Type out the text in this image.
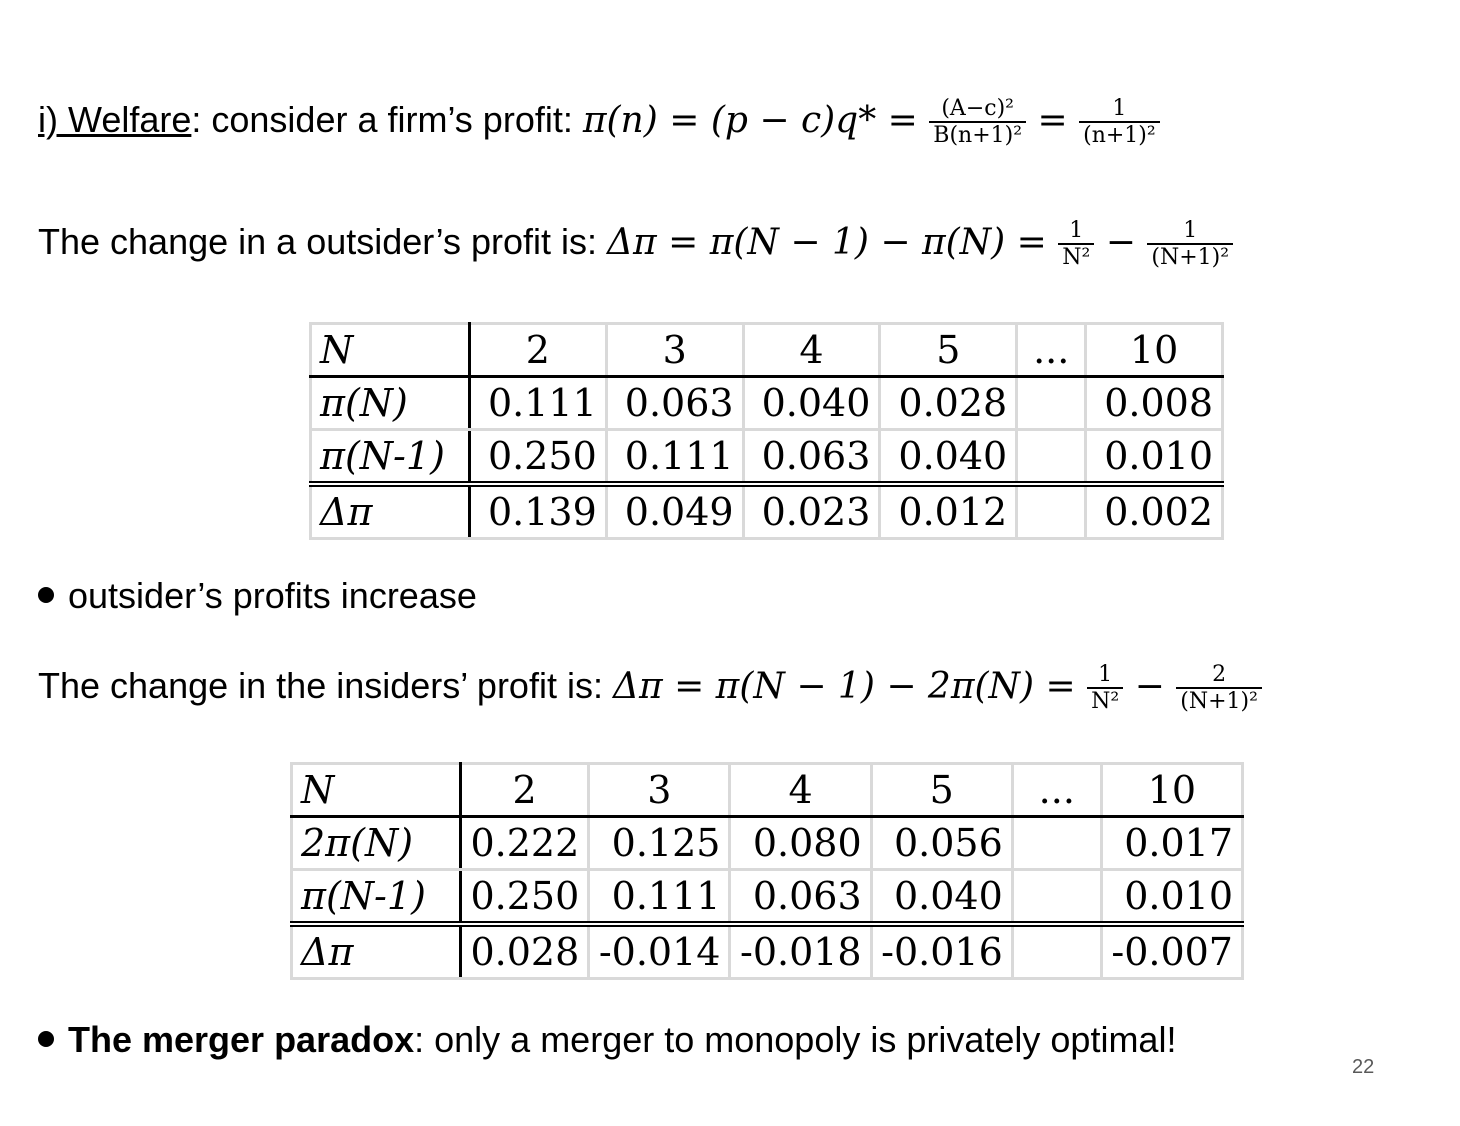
i) Welfare: consider a firm’s profit: $\pi(n) = (p - c)q* = \frac{\text{(A−c)²}}{\text{B(n+1)²}} = \frac{1}{\text{(n+1)²}}$
The change in a outsider’s profit is: $\Delta\pi = \pi(N - 1) - \pi(N) = \frac{1}{\text{N²}} - \frac{1}{\text{(N+1)²}}$
N	2	3	4	5	...	10
π(N)	0.111	0.063	0.040	0.028		0.008
π(N-1)	0.250	0.111	0.063	0.040		0.010
Δπ	0.139	0.049	0.023	0.012		0.002
outsider’s profits increase
The change in the insiders’ profit is: $\Delta\pi = \pi(N - 1) - 2\pi(N) = \frac{1}{\text{N²}} - \frac{2}{\text{(N+1)²}}$
N	2	3	4	5	...	10
2π(N)	0.222	0.125	0.080	0.056		0.017
π(N-1)	0.250	0.111	0.063	0.040		0.010
Δπ	0.028	-0.014	-0.018	-0.016		-0.007
The merger paradox: only a merger to monopoly is privately optimal!
22
